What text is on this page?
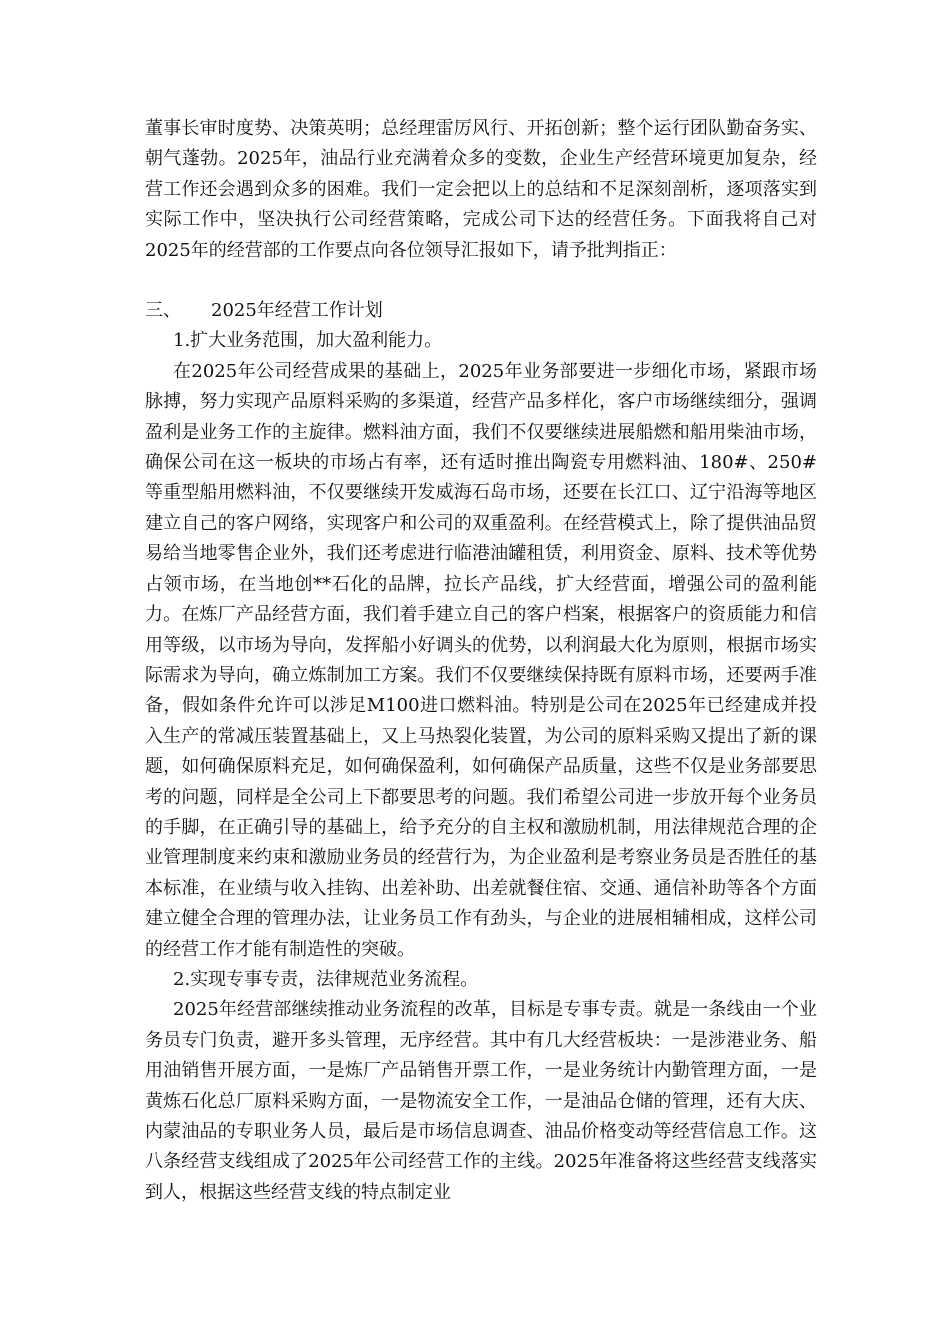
董事长审时度势、决策英明；总经理雷厉风行、开拓创新；整个运行团队勤奋务实、朝气蓬勃。2025年，油品行业充满着众多的变数，企业生产经营环境更加复杂，经营工作还会遇到众多的困难。我们一定会把以上的总结和不足深刻剖析，逐项落实到实际工作中，坚决执行公司经营策略，完成公司下达的经营任务。下面我将自己对2025年的经营部的工作要点向各位领导汇报如下，请予批判指正：

三、 2025年经营工作计划

1.扩大业务范围，加大盈利能力。

在2025年公司经营成果的基础上，2025年业务部要进一步细化市场，紧跟市场脉搏，努力实现产品原料采购的多渠道，经营产品多样化，客户市场继续细分，强调盈利是业务工作的主旋律。燃料油方面，我们不仅要继续进展船燃和船用柴油市场，确保公司在这一板块的市场占有率，还有适时推出陶瓷专用燃料油、180#、250#等重型船用燃料油，不仅要继续开发威海石岛市场，还要在长江口、辽宁沿海等地区建立自己的客户网络，实现客户和公司的双重盈利。在经营模式上，除了提供油品贸易给当地零售企业外，我们还考虑进行临港油罐租赁，利用资金、原料、技术等优势占领市场，在当地创**石化的品牌，拉长产品线，扩大经营面，增强公司的盈利能力。在炼厂产品经营方面，我们着手建立自己的客户档案，根据客户的资质能力和信用等级，以市场为导向，发挥船小好调头的优势，以利润最大化为原则，根据市场实际需求为导向，确立炼制加工方案。我们不仅要继续保持既有原料市场，还要两手准备，假如条件允许可以涉足M100进口燃料油。特别是公司在2025年已经建成并投入生产的常减压装置基础上，又上马热裂化装置，为公司的原料采购又提出了新的课题，如何确保原料充足，如何确保盈利，如何确保产品质量，这些不仅是业务部要思考的问题，同样是全公司上下都要思考的问题。我们希望公司进一步放开每个业务员的手脚，在正确引导的基础上，给予充分的自主权和激励机制，用法律规范合理的企业管理制度来约束和激励业务员的经营行为，为企业盈利是考察业务员是否胜任的基本标准，在业绩与收入挂钩、出差补助、出差就餐住宿、交通、通信补助等各个方面建立健全合理的管理办法，让业务员工作有劲头，与企业的进展相辅相成，这样公司的经营工作才能有制造性的突破。

2.实现专事专责，法律规范业务流程。

2025年经营部继续推动业务流程的改革，目标是专事专责。就是一条线由一个业务员专门负责，避开多头管理，无序经营。其中有几大经营板块：一是涉港业务、船用油销售开展方面，一是炼厂产品销售开票工作，一是业务统计内勤管理方面，一是黄炼石化总厂原料采购方面，一是物流安全工作，一是油品仓储的管理，还有大庆、内蒙油品的专职业务人员，最后是市场信息调查、油品价格变动等经营信息工作。这八条经营支线组成了2025年公司经营工作的主线。2025年准备将这些经营支线落实到人，根据这些经营支线的特点制定业
